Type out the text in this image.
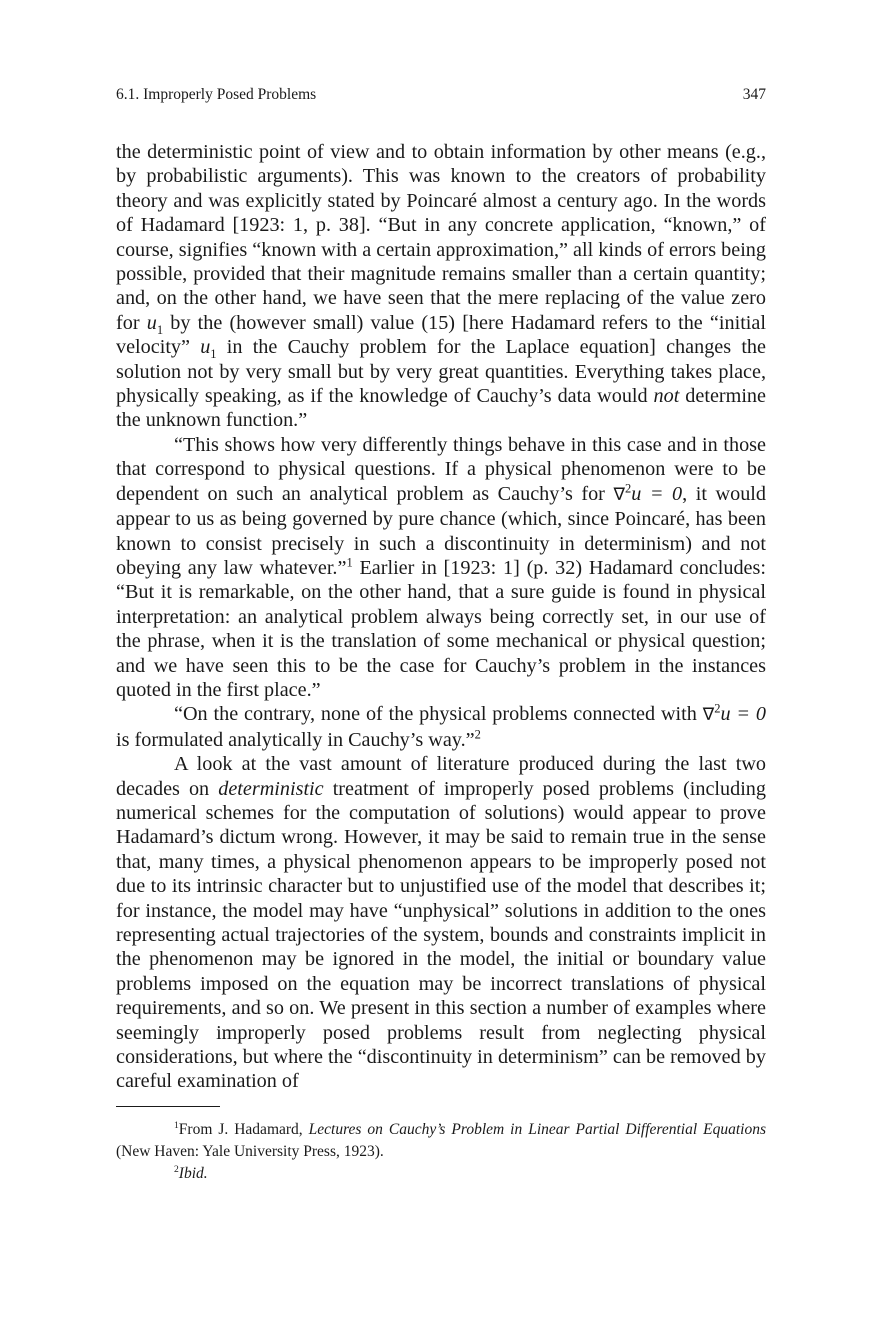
6.1. Improperly Posed Problems	347

the deterministic point of view and to obtain information by other means (e.g., by probabilistic arguments). This was known to the creators of probability theory and was explicitly stated by Poincaré almost a century ago. In the words of Hadamard [1923: 1, p. 38]. “But in any concrete application, “known,” of course, signifies “known with a certain approximation,” all kinds of errors being possible, provided that their magnitude remains smaller than a certain quantity; and, on the other hand, we have seen that the mere replacing of the value zero for $u_1$ by the (however small) value (15) [here Hadamard refers to the “initial velocity” $u_1$ in the Cauchy problem for the Laplace equation] changes the solution not by very small but by very great quantities. Everything takes place, physically speaking, as if the knowledge of Cauchy’s data would not determine the unknown function.”

“This shows how very differently things behave in this case and in those that correspond to physical questions. If a physical phenomenon were to be dependent on such an analytical problem as Cauchy’s for ∇$^2$u = 0, it would appear to us as being governed by pure chance (which, since Poincaré, has been known to consist precisely in such a discontinuity in determinism) and not obeying any law whatever.”$^1$ Earlier in [1923: 1] (p. 32) Hadamard concludes: “But it is remarkable, on the other hand, that a sure guide is found in physical interpretation: an analytical problem always being correctly set, in our use of the phrase, when it is the translation of some mechanical or physical question; and we have seen this to be the case for Cauchy’s problem in the instances quoted in the first place.”

“On the contrary, none of the physical problems connected with ∇$^2$u = 0 is formulated analytically in Cauchy’s way.”$^2$

A look at the vast amount of literature produced during the last two decades on deterministic treatment of improperly posed problems (including numerical schemes for the computation of solutions) would appear to prove Hadamard’s dictum wrong. However, it may be said to remain true in the sense that, many times, a physical phenomenon appears to be improperly posed not due to its intrinsic character but to unjustified use of the model that describes it; for instance, the model may have “unphysical” solutions in addition to the ones representing actual trajectories of the system, bounds and constraints implicit in the phenomenon may be ignored in the model, the initial or boundary value problems imposed on the equation may be incorrect translations of physical requirements, and so on. We present in this section a number of examples where seemingly improperly posed problems result from neglecting physical considerations, but where the “discontinuity in determinism” can be removed by careful examination of

$^1$From J. Hadamard, Lectures on Cauchy’s Problem in Linear Partial Differential Equations (New Haven: Yale University Press, 1923).

$^2$Ibid.
